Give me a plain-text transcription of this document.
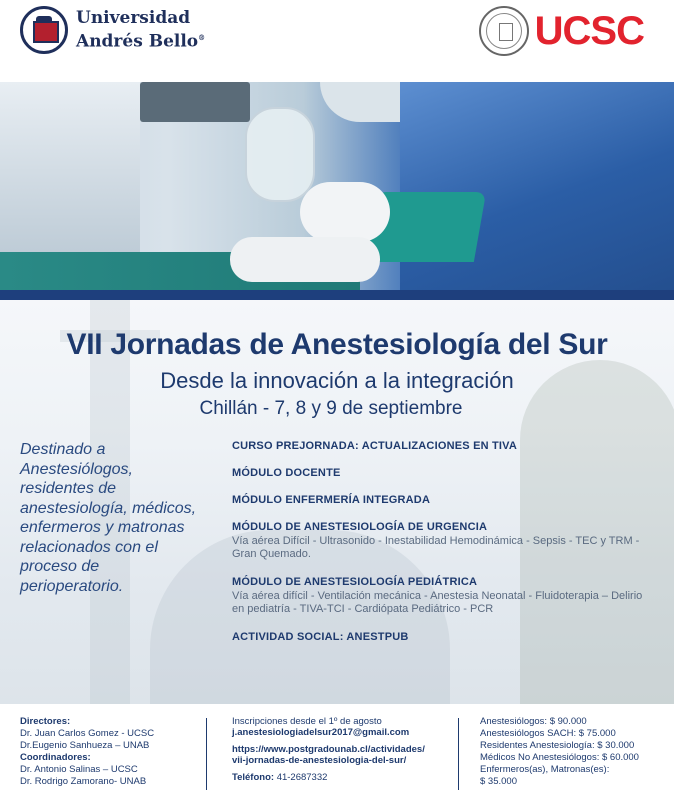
Universidad
Andrés Bello®	UCSC
VII Jornadas de Anestesiología del Sur
Desde la innovación a la integración
Chillán - 7, 8 y 9 de septiembre
Destinado a Anestesiólogos, residentes de anestesiología, médicos, enfermeros y matronas relacionados con el proceso de perioperatorio.
CURSO PREJORNADA: ACTUALIZACIONES EN TIVA
MÓDULO DOCENTE
MÓDULO ENFERMERÍA INTEGRADA
MÓDULO DE ANESTESIOLOGÍA DE URGENCIA
Vía aérea Difícil - Ultrasonido - Inestabilidad Hemodinámica - Sepsis - TEC y TRM - Gran Quemado.
MÓDULO DE ANESTESIOLOGÍA PEDIÁTRICA
Vía aérea difícil - Ventilación mecánica - Anestesia Neonatal - Fluidoterapia – Delirio en pediatría - TIVA-TCI - Cardiópata Pediátrico - PCR
ACTIVIDAD SOCIAL: ANESTPUB
Directores:
Dr. Juan Carlos Gomez - UCSC
Dr.Eugenio Sanhueza – UNAB
Coordinadores:
Dr. Antonio Salinas – UCSC
Dr. Rodrigo Zamorano- UNAB
Inscripciones desde el 1º de agosto
j.anestesiologiadelsur2017@gmail.com
https://www.postgradounab.cl/actividades/
vii-jornadas-de-anestesiologia-del-sur/
Teléfono: 41-2687332
Anestesiólogos: $ 90.000
Anestesiólogos SACH: $ 75.000
Residentes Anestesiología: $ 30.000
Médicos No Anestesiólogos: $ 60.000
Enfermeros(as), Matronas(es):
$ 35.000
